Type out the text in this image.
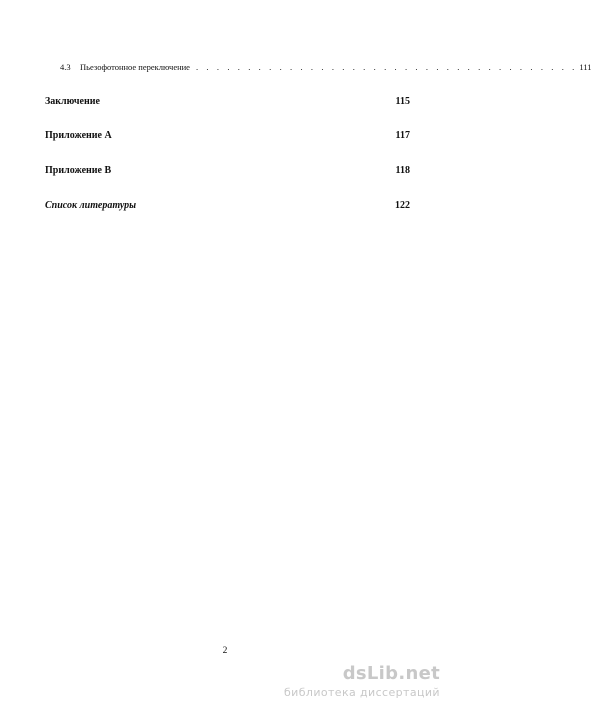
4.3	Пьезофотонное переключение . . . . . . . . . . . . . . . . . . . . . . . . . . . . . . . . . . . . . 111
Заключение	115
Приложение A	117
Приложение B	118
Список литературы	122
2
dsLib.net
библиотека диссертаций
